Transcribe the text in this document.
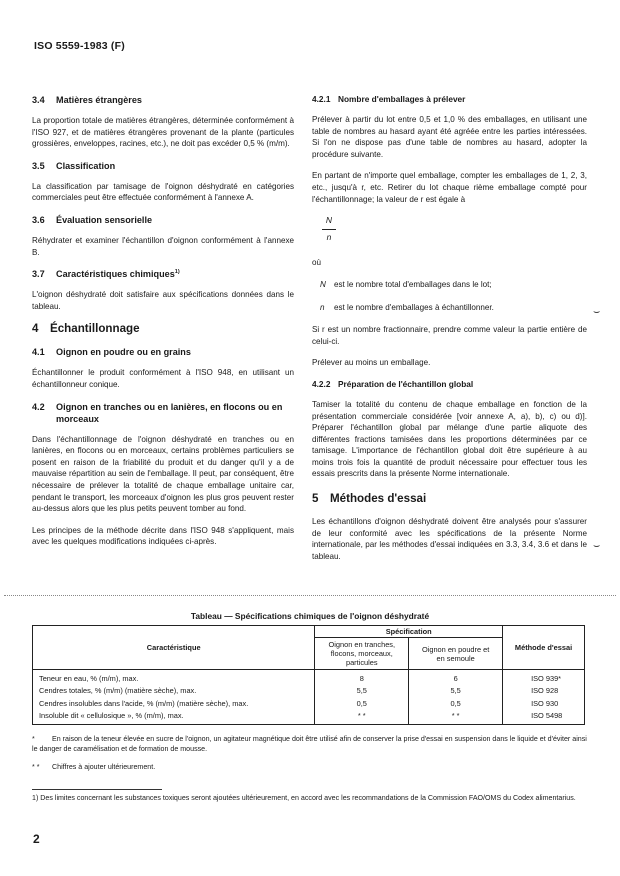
ISO 5559-1983 (F)
3.4 Matières étrangères

La proportion totale de matières étrangères, déterminée conformément à l'ISO 927, et de matières étrangères provenant de la plante (particules grossières, enveloppes, racines, etc.), ne doit pas excéder 0,5 % (m/m).

3.5 Classification

La classification par tamisage de l'oignon déshydraté en catégories commerciales peut être effectuée conformément à l'annexe A.

3.6 Évaluation sensorielle

Réhydrater et examiner l'échantillon d'oignon conformément à l'annexe B.

3.7 Caractéristiques chimiques$^{1)}$

L'oignon déshydraté doit satisfaire aux spécifications données dans le tableau.

4 Échantillonnage
4.1 Oignon en poudre ou en grains

Échantillonner le produit conformément à l'ISO 948, en utilisant un échantillonneur conique.

4.2	Oignon en tranches ou en lanières, en flocons ou en morceaux

Dans l'échantillonnage de l'oignon déshydraté en tranches ou en lanières, en flocons ou en morceaux, certains problèmes particuliers se posent en raison de la friabilité du produit et du danger qu'il y a de mauvaise répartition au sein de l'emballage. Il peut, par conséquent, être nécessaire de prélever la totalité de chaque emballage unitaire car, pendant le transport, les morceaux d'oignon les plus gros peuvent rester au-dessus alors que les plus petits peuvent tomber au fond.

Les principes de la méthode décrite dans l'ISO 948 s'appliquent, mais avec les quelques modifications indiquées ci-après.

4.2.1 Nombre d'emballages à prélever

Prélever à partir du lot entre 0,5 et 1,0 % des emballages, en utilisant une table de nombres au hasard ayant été agréée entre les parties intéressées. Si l'on ne dispose pas d'une table de nombres au hasard, adopter la procédure suivante.

En partant de n'importe quel emballage, compter les emballages de 1, 2, 3, etc., jusqu'à r, etc. Retirer du lot chaque rième emballage compté pour l'échantillonnage; la valeur de r est égale à

N
n

où

N	est le nombre total d'emballages dans le lot;
n	est le nombre d'emballages à échantillonner.

Si r est un nombre fractionnaire, prendre comme valeur la partie entière de celui-ci.

Prélever au moins un emballage.

4.2.2 Préparation de l'échantillon global

Tamiser la totalité du contenu de chaque emballage en fonction de la présentation commerciale considérée [voir annexe A, a), b), c) ou d)]. Préparer l'échantillon global par mélange d'une partie aliquote des différentes fractions tamisées dans les proportions déterminées par ce tamisage. L'importance de l'échantillon global doit être supérieure à au moins trois fois la quantité de produit nécessaire pour effectuer tous les essais prescrits dans la présente Norme internationale.

5 Méthodes d'essai

Les échantillons d'oignon déshydraté doivent être analysés pour s'assurer de leur conformité avec les spécifications de la présente Norme internationale, par les méthodes d'essai indiquées en 3.3, 3.4, 3.6 et dans le tableau.

Tableau — Spécifications chimiques de l'oignon déshydraté
Caractéristique	Spécification		Méthode d'essai
	Oignon en tranches, flocons, morceaux, particules	Oignon en poudre et en semoule	
Teneur en eau, % (m/m), max.	8	6	ISO 939*
Cendres totales, % (m/m) (matière sèche), max.	5,5	5,5	ISO 928
Cendres insolubles dans l'acide, % (m/m) (matière sèche), max.	0,5	0,5	ISO 930
Insoluble dit « cellulosique », % (m/m), max.	* *	* *	ISO 5498
* En raison de la teneur élevée en sucre de l'oignon, un agitateur magnétique doit être utilisé afin de conserver la prise d'essai en suspension dans le liquide et d'éviter ainsi le danger de caramélisation et de formation de mousse.
* * Chiffres à ajouter ultérieurement.
1) Des limites concernant les substances toxiques seront ajoutées ultérieurement, en accord avec les recommandations de la Commission FAO/OMS du Codex alimentarius.
2
⌣
⌣
